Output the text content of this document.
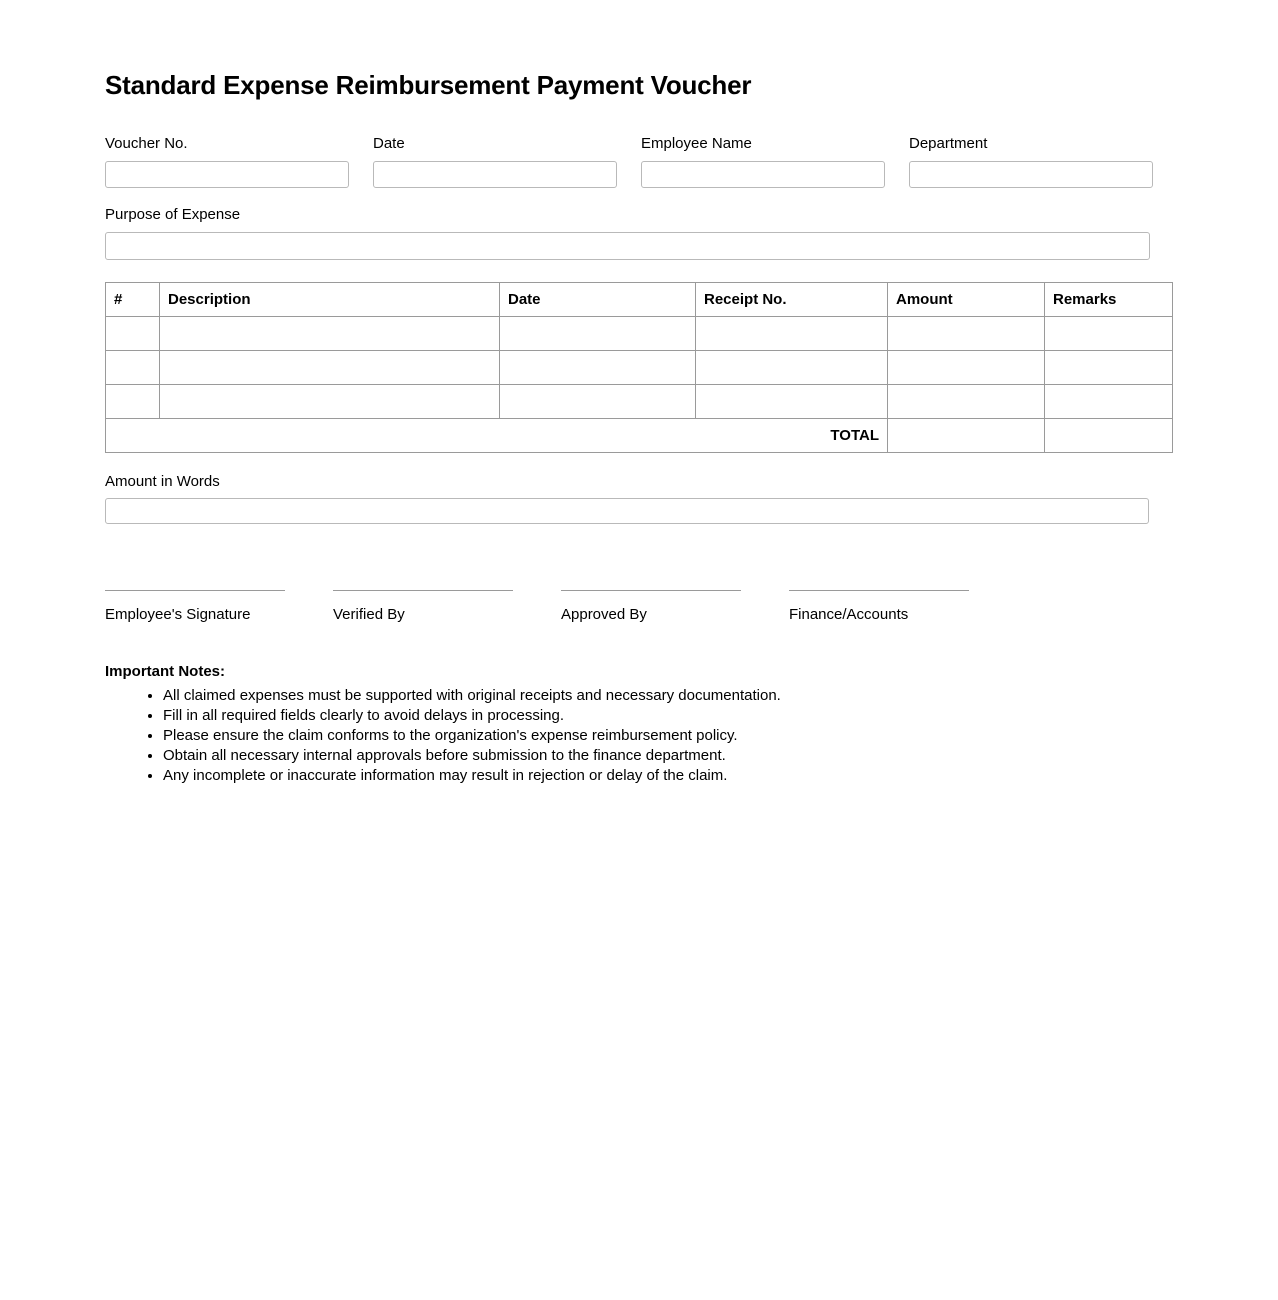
Standard Expense Reimbursement Payment Voucher
Voucher No.	Date	Employee Name	Department
Purpose of Expense
#	Description	Date	Receipt No.	Amount	Remarks

TOTAL					
Amount in Words
Employee's Signature	Verified By	Approved By	Finance/Accounts
Important Notes:
• All claimed expenses must be supported with original receipts and necessary documentation.
• Fill in all required fields clearly to avoid delays in processing.
• Please ensure the claim conforms to the organization's expense reimbursement policy.
• Obtain all necessary internal approvals before submission to the finance department.
• Any incomplete or inaccurate information may result in rejection or delay of the claim.
